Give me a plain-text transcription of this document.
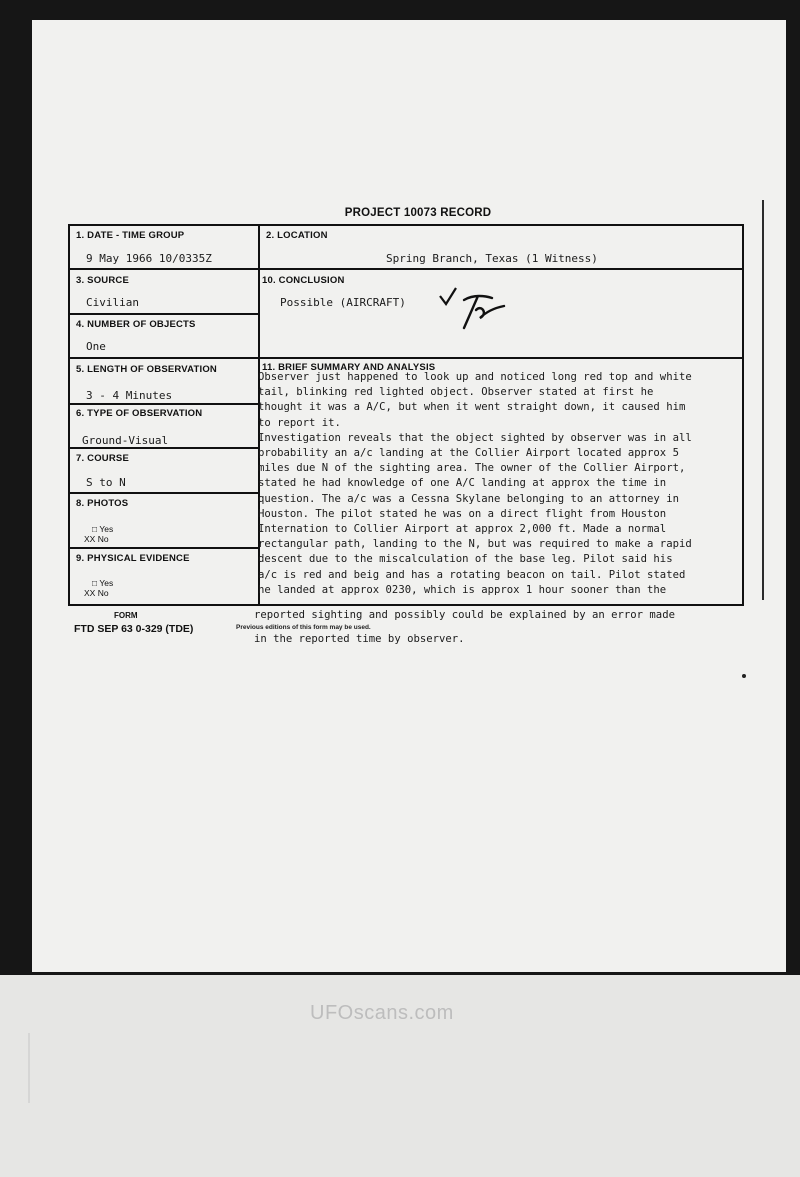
PROJECT 10073 RECORD
1. DATE - TIME GROUP
9 May 1966 10/0335Z
2. LOCATION
Spring Branch, Texas (1 Witness)
3. SOURCE
Civilian
10. CONCLUSION
Possible (AIRCRAFT)
4. NUMBER OF OBJECTS
One
5. LENGTH OF OBSERVATION
3 - 4 Minutes
6. TYPE OF OBSERVATION
Ground-Visual
7. COURSE
S to N
8. PHOTOS
□ Yes
XX No
9. PHYSICAL EVIDENCE
□ Yes
XX No
11. BRIEF SUMMARY AND ANALYSIS

Observer just happened to look up and noticed long red top and white

tail, blinking red lighted object. Observer stated at first he

thought it was a A/C, but when it went straight down, it caused him

to report it.

Investigation reveals that the object sighted by observer was in all

probability an a/c landing at the Collier Airport located approx 5

miles due N of the sighting area. The owner of the Collier Airport,

stated he had knowledge of one A/C landing at approx the time in

question. The a/c was a Cessna Skylane belonging to an attorney in

Houston. The pilot stated he was on a direct flight from Houston

Internation to Collier Airport at approx 2,000 ft. Made a normal

rectangular path, landing to the N, but was required to make a rapid

descent due to the miscalculation of the base leg. Pilot said his

a/c is red and beig and has a rotating beacon on tail. Pilot stated

he landed at approx 0230, which is approx 1 hour sooner than the

reported sighting and possibly could be explained by an error made

in the reported time by observer.

FORM
FTD SEP 63 0-329 (TDE)	Previous editions of this form may be used.
UFOscans.com
